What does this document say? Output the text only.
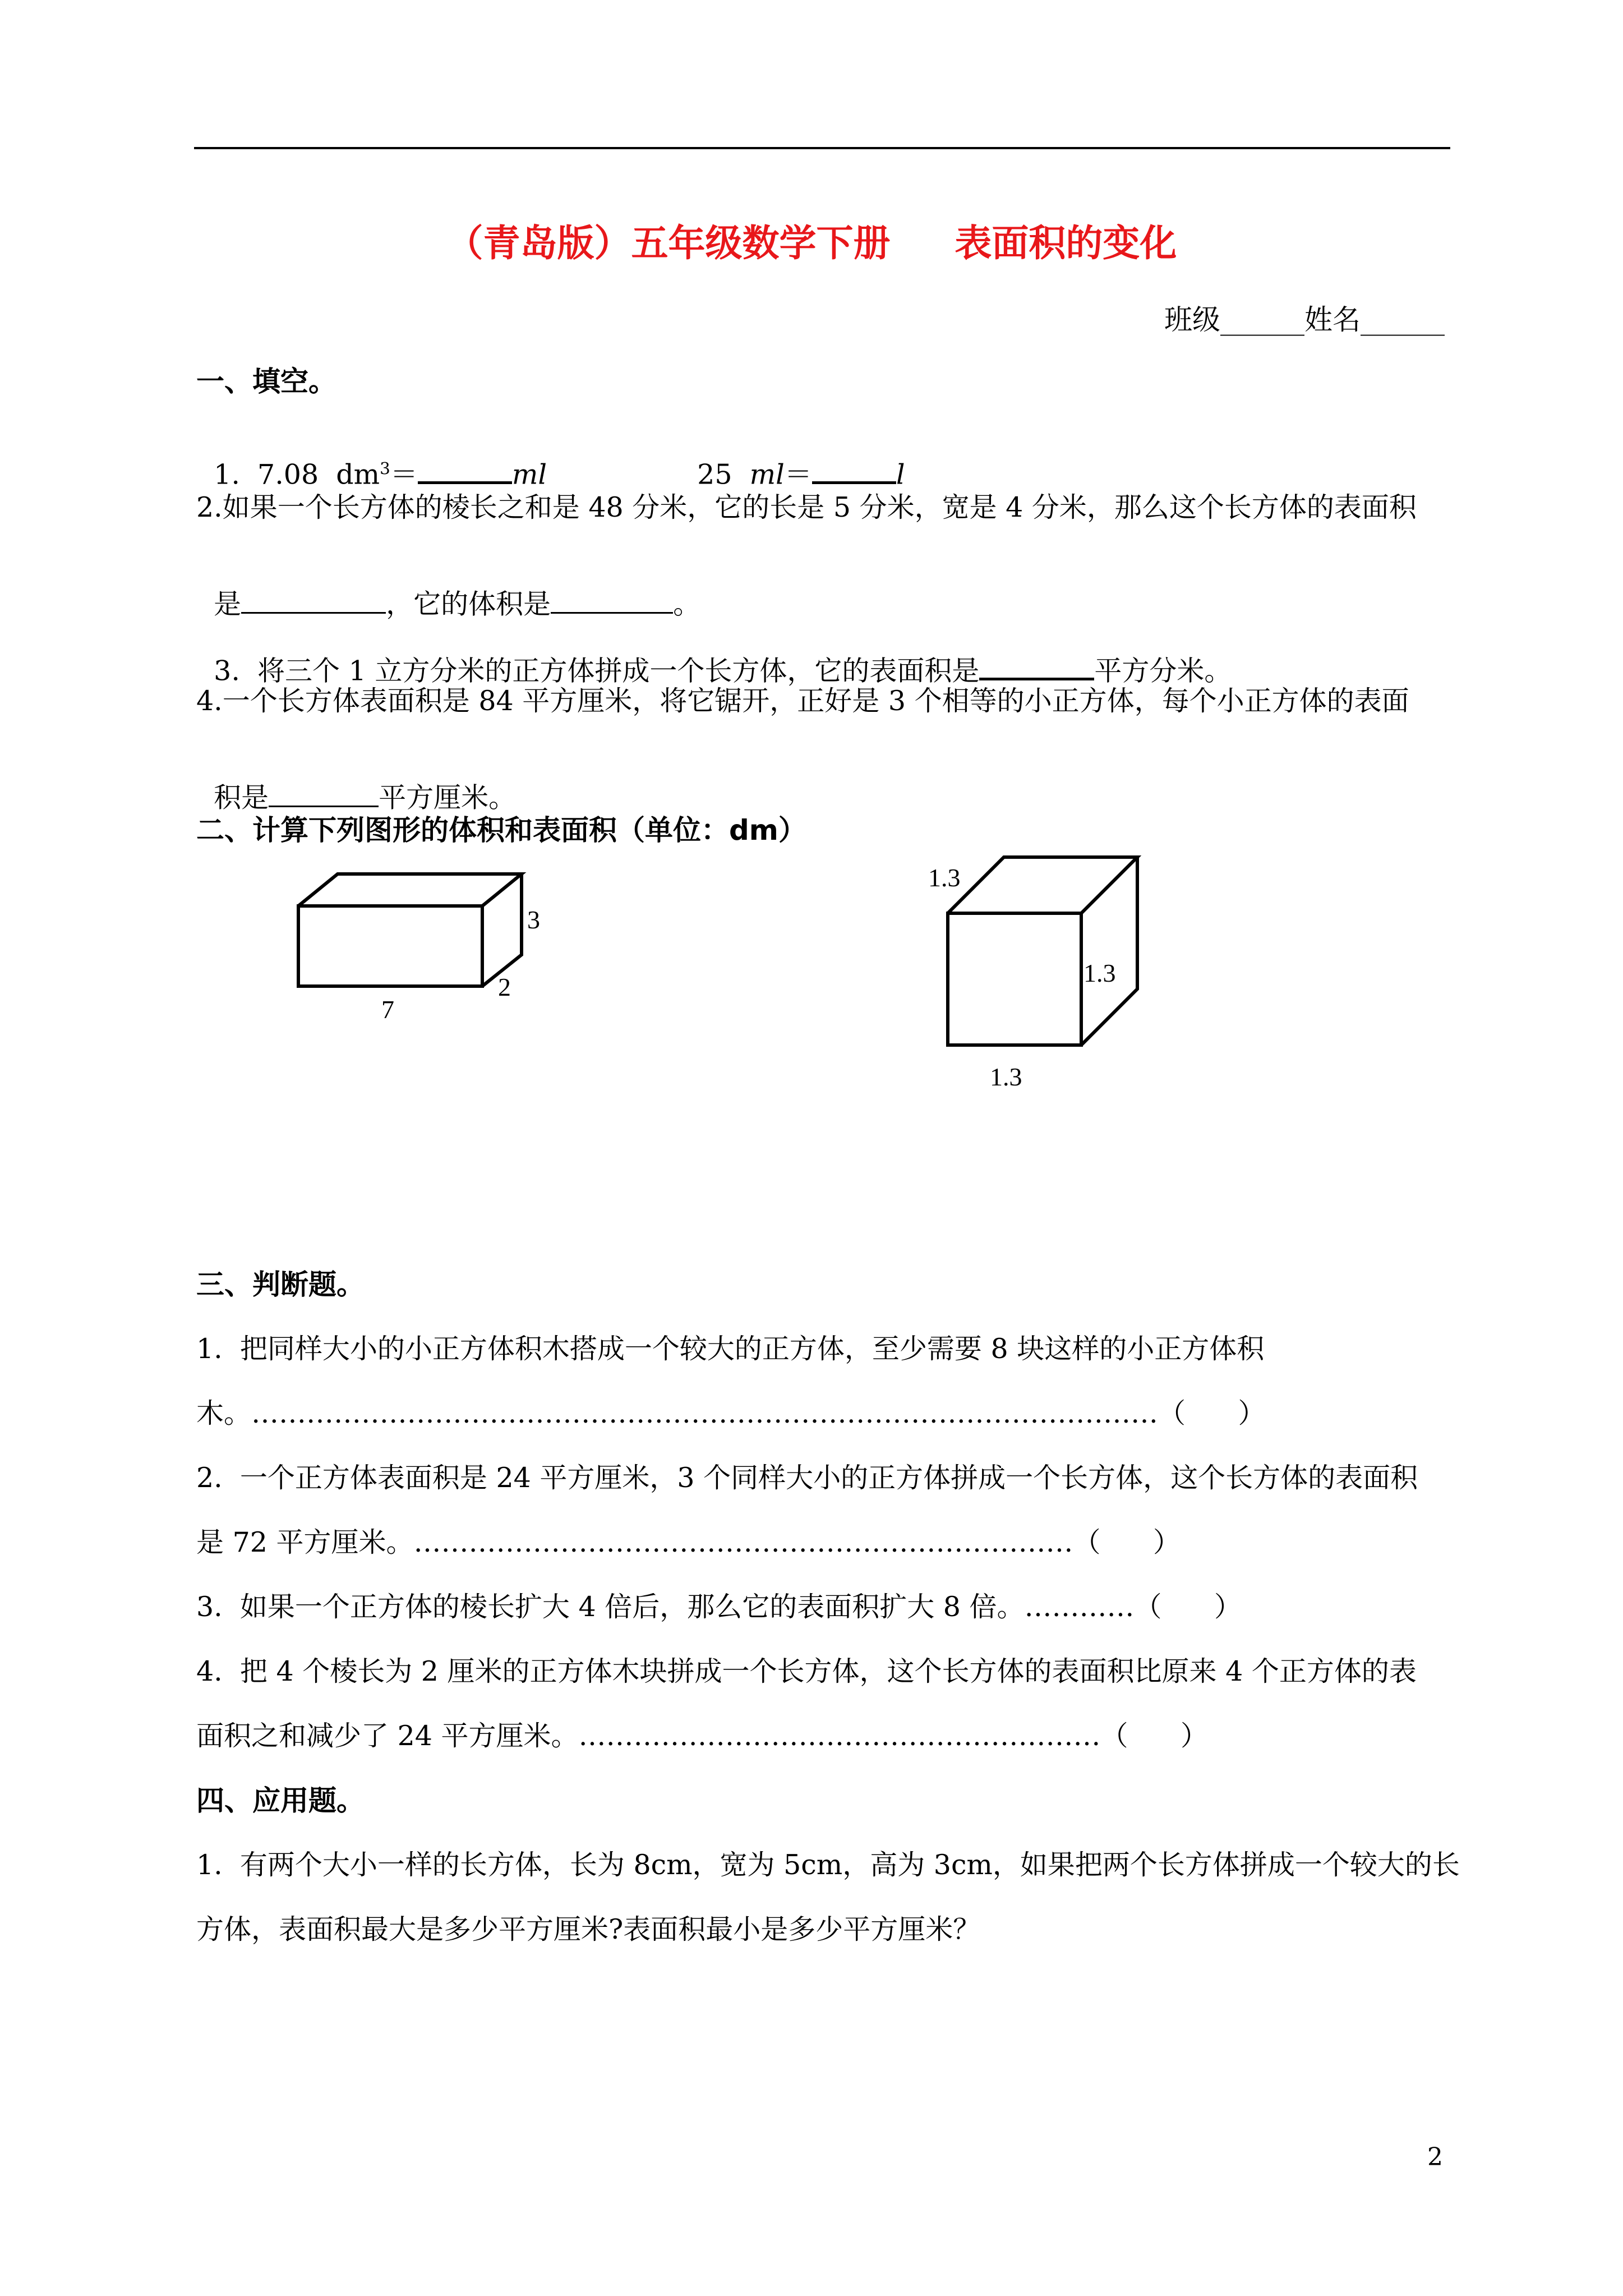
（青岛版）五年级数学下册     表面积的变化
班级______姓名______
一、填空。

1.  7.08  $dm^3=$	ml	25  ml＝	l

2.如果一个长方体的棱长之和是 48 分米，它的长是 5 分米，宽是 4 分米，那么这个长方体的表面积

是	，它的体积是	。

3.  将三个 1 立方分米的正方体拼成一个长方体，它的表面积是	平方分米。

4.一个长方体表面积是 84 平方厘米，将它锯开，正好是 3 个相等的小正方体，每个小正方体的表面

积是	平方厘米。

二、计算下列图形的体积和表面积（单位：dm）
3
2
7
1.3
1.3
1.3
三、判断题。
1.  把同样大小的小正方体积木搭成一个较大的正方体，至少需要 8 块这样的小正方体积
木。………………………………………………………………………………………（      ）
2.  一个正方体表面积是 24 平方厘米，3 个同样大小的正方体拼成一个长方体，这个长方体的表面积
是 72 平方厘米。………………………………………………………………（      ）
3.  如果一个正方体的棱长扩大 4 倍后，那么它的表面积扩大 8 倍。…………（      ）
4.  把 4 个棱长为 2 厘米的正方体木块拼成一个长方体，这个长方体的表面积比原来 4 个正方体的表
面积之和减少了 24 平方厘米。…………………………………………………（      ）
四、应用题。
1.  有两个大小一样的长方体，长为 8cm，宽为 5cm，高为 3cm，如果把两个长方体拼成一个较大的长
方体，表面积最大是多少平方厘米?表面积最小是多少平方厘米？
2
